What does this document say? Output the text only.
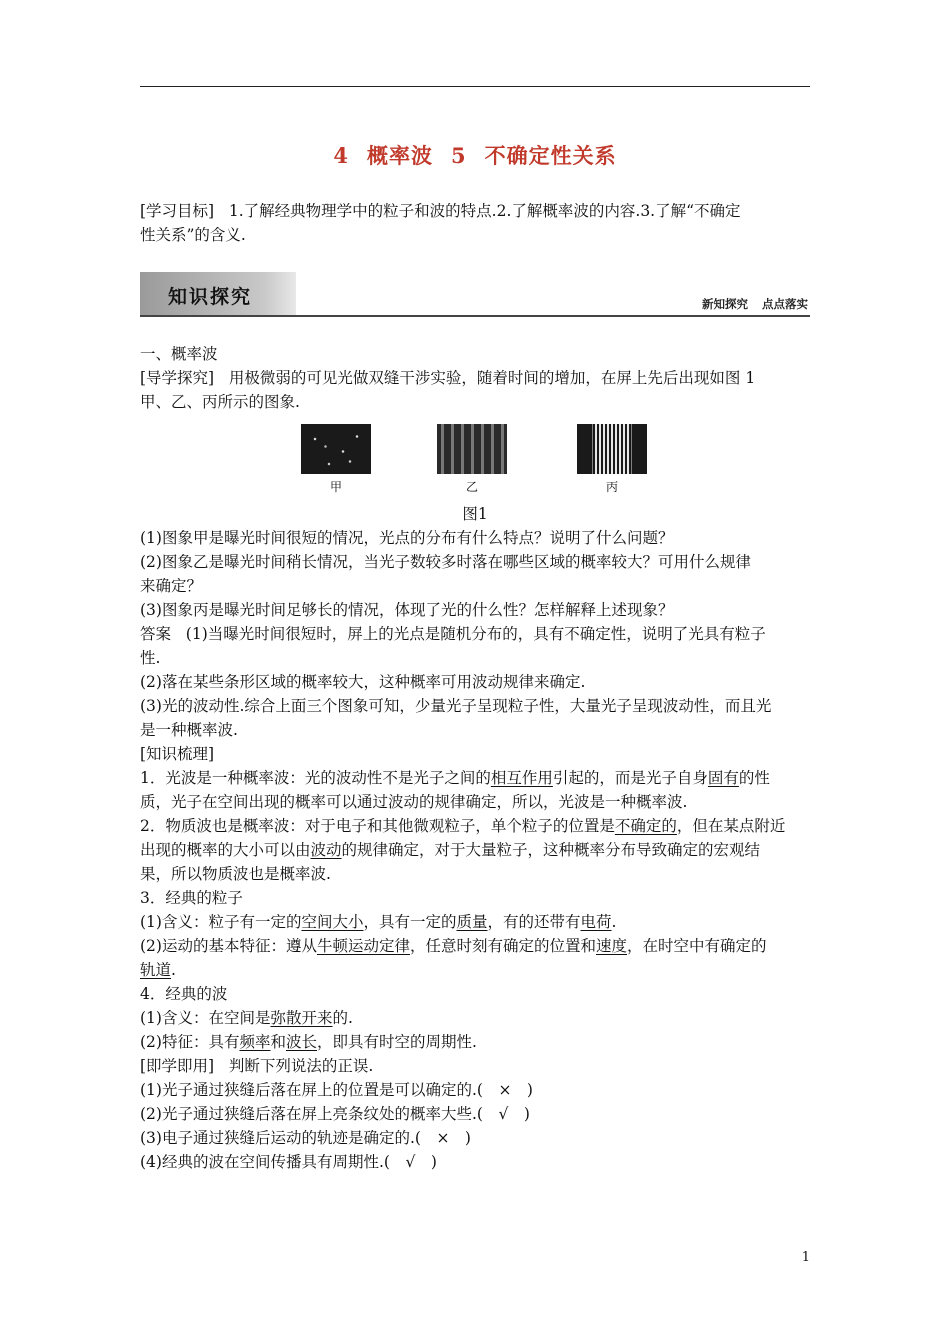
4 概率波 5 不确定性关系
[学习目标] 1.了解经典物理学中的粒子和波的特点.2.了解概率波的内容.3.了解“不确定
性关系”的含义.
知识探究	新知探究 点点落实
一、概率波
[导学探究] 用极微弱的可见光做双缝干涉实验，随着时间的增加，在屏上先后出现如图 1
甲、乙、丙所示的图象.
甲	乙	丙
图1
(1)图象甲是曝光时间很短的情况，光点的分布有什么特点？说明了什么问题？
(2)图象乙是曝光时间稍长情况，当光子数较多时落在哪些区域的概率较大？可用什么规律
来确定？
(3)图象丙是曝光时间足够长的情况，体现了光的什么性？怎样解释上述现象？
答案 (1)当曝光时间很短时，屏上的光点是随机分布的，具有不确定性，说明了光具有粒子
性.
(2)落在某些条形区域的概率较大，这种概率可用波动规律来确定.
(3)光的波动性.综合上面三个图象可知，少量光子呈现粒子性，大量光子呈现波动性，而且光
是一种概率波.
[知识梳理]
1．光波是一种概率波：光的波动性不是光子之间的相互作用引起的，而是光子自身固有的性
质，光子在空间出现的概率可以通过波动的规律确定，所以，光波是一种概率波.
2．物质波也是概率波：对于电子和其他微观粒子，单个粒子的位置是不确定的，但在某点附近
出现的概率的大小可以由波动的规律确定，对于大量粒子，这种概率分布导致确定的宏观结
果，所以物质波也是概率波.
3．经典的粒子
(1)含义：粒子有一定的空间大小，具有一定的质量，有的还带有电荷.
(2)运动的基本特征：遵从牛顿运动定律，任意时刻有确定的位置和速度，在时空中有确定的
轨道.
4．经典的波
(1)含义：在空间是弥散开来的.
(2)特征：具有频率和波长，即具有时空的周期性.
[即学即用] 判断下列说法的正误.
(1)光子通过狭缝后落在屏上的位置是可以确定的.(　×　)
(2)光子通过狭缝后落在屏上亮条纹处的概率大些.(　√　)
(3)电子通过狭缝后运动的轨迹是确定的.(　×　)
(4)经典的波在空间传播具有周期性.(　√　)
1
